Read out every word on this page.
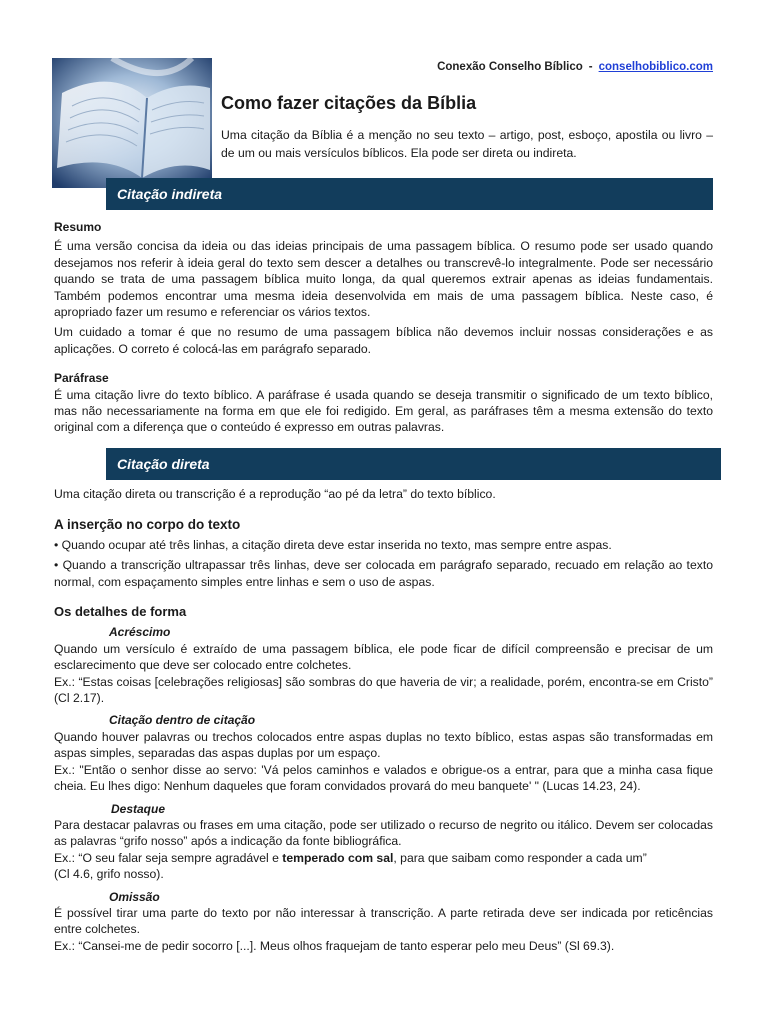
Conexão Conselho Bíblico - conselhobiblico.com
Como fazer citações da Bíblia
Uma citação da Bíblia é a menção no seu texto – artigo, post, esboço, apostila ou livro – de um ou mais versículos bíblicos. Ela pode ser direta ou indireta.
Citação indireta
Resumo

É uma versão concisa da ideia ou das ideias principais de uma passagem bíblica. O resumo pode ser usado quando desejamos nos referir à ideia geral do texto sem descer a detalhes ou transcrevê-lo integralmente. Pode ser necessário quando se trata de uma passagem bíblica muito longa, da qual queremos extrair apenas as ideias fundamentais. Também podemos encontrar uma mesma ideia desenvolvida em mais de uma passagem bíblica. Neste caso, é apropriado fazer um resumo e referenciar os vários textos.

Um cuidado a tomar é que no resumo de uma passagem bíblica não devemos incluir nossas considerações e as aplicações. O correto é colocá-las em parágrafo separado.

Paráfrase

É uma citação livre do texto bíblico. A paráfrase é usada quando se deseja transmitir o significado de um texto bíblico, mas não necessariamente na forma em que ele foi redigido. Em geral, as paráfrases têm a mesma extensão do texto original com a diferença que o conteúdo é expresso em outras palavras.

Citação direta

Uma citação direta ou transcrição é a reprodução “ao pé da letra” do texto bíblico.

A inserção no corpo do texto

• Quando ocupar até três linhas, a citação direta deve estar inserida no texto, mas sempre entre aspas.

• Quando a transcrição ultrapassar três linhas, deve ser colocada em parágrafo separado, recuado em relação ao texto normal, com espaçamento simples entre linhas e sem o uso de aspas.

Os detalhes de forma
Acréscimo

Quando um versículo é extraído de uma passagem bíblica, ele pode ficar de difícil compreensão e precisar de um esclarecimento que deve ser colocado entre colchetes.

Ex.: “Estas coisas [celebrações religiosas] são sombras do que haveria de vir; a realidade, porém, encontra-se em Cristo” (Cl 2.17).

Citação dentro de citação

Quando houver palavras ou trechos colocados entre aspas duplas no texto bíblico, estas aspas são transformadas em aspas simples, separadas das aspas duplas por um espaço.

Ex.: "Então o senhor disse ao servo: 'Vá pelos caminhos e valados e obrigue-os a entrar, para que a minha casa fique cheia. Eu lhes digo: Nenhum daqueles que foram convidados provará do meu banquete' " (Lucas 14.23, 24).

Destaque

Para destacar palavras ou frases em uma citação, pode ser utilizado o recurso de negrito ou itálico. Devem ser colocadas as palavras “grifo nosso” após a indicação da fonte bibliográfica.

Ex.: “O seu falar seja sempre agradável e temperado com sal, para que saibam como responder a cada um”

(Cl 4.6, grifo nosso).

Omissão

É possível tirar uma parte do texto por não interessar à transcrição. A parte retirada deve ser indicada por reticências entre colchetes.

Ex.: “Cansei-me de pedir socorro [...]. Meus olhos fraquejam de tanto esperar pelo meu Deus” (Sl 69.3).
